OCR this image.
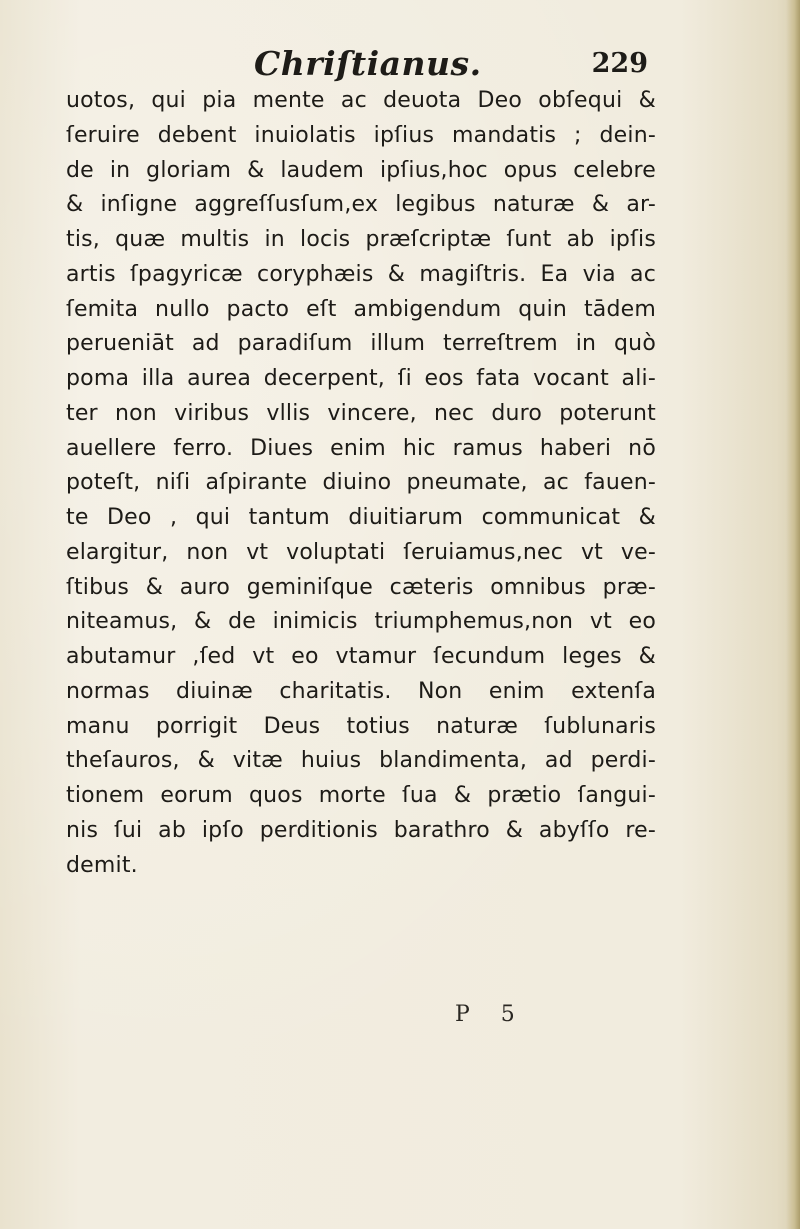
Chriſtianus.	229
uotos, qui pia mente ac deuota Deo obſequi &
ſeruire debent inuiolatis ipſius mandatis ; dein-
de in gloriam & laudem ipſius,hoc opus celebre
& inſigne aggreſſusſum,ex legibus naturæ & ar-
tis, quæ multis in locis præſcriptæ ſunt ab ipſis
artis ſpagyricæ coryphæis & magiſtris. Ea via ac
ſemita nullo pacto eſt ambigendum quin tādem
perueniāt ad paradiſum illum terreſtrem in quò
poma illa aurea decerpent, ſi eos fata vocant ali-
ter non viribus vllis vincere, nec duro poterunt
auellere ferro. Diues enim hic ramus haberi nō
poteſt, niſi aſpirante diuino pneumate, ac fauen-
te Deo , qui tantum diuitiarum communicat &
elargitur, non vt voluptati ſeruiamus,nec vt ve-
ſtibus & auro geminiſque cæteris omnibus præ-
niteamus, & de inimicis triumphemus,non vt eo
abutamur ,ſed vt eo vtamur ſecundum leges &
normas diuinæ charitatis. Non enim extenſa
manu porrigit Deus totius naturæ ſublunaris
theſauros, & vitæ huius blandimenta, ad perdi-
tionem eorum quos morte ſua & prætio ſangui-
nis ſui ab ipſo perditionis barathro & abyſſo re-
demit.
P 5
